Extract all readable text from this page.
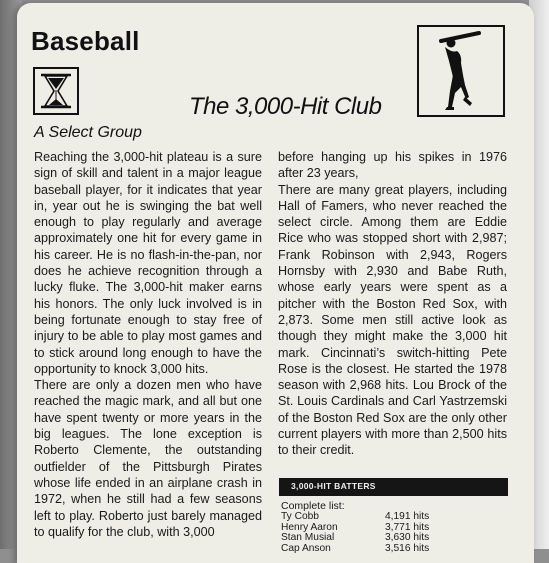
Baseball
The 3,000-Hit Club
A Select Group

Reaching the 3,000-hit plateau is a sure sign of skill and talent in a major league baseball player, for it indicates that year in, year out he is swinging the bat well enough to play regularly and average approximately one hit for every game in his career. He is no flash-in-the-pan, nor does he achieve recognition through a lucky fluke. The 3,000-hit maker earns his honors. The only luck involved is in being fortunate enough to stay free of injury to be able to play most games and to stick around long enough to have the opportunity to knock 3,000 hits.

There are only a dozen men who have reached the magic mark, and all but one have spent twenty or more years in the big leagues. The lone exception is Roberto Clemente, the outstanding outfielder of the Pittsburgh Pirates whose life ended in an airplane crash in 1972, when he still had a few seasons left to play. Roberto just barely managed to qualify for the club, with 3,000

before hanging up his spikes in 1976 after 23 years,

There are many great players, including Hall of Famers, who never reached the select circle. Among them are Eddie Rice who was stopped short with 2,987; Frank Robinson with 2,943, Rogers Hornsby with 2,930 and Babe Ruth, whose early years were spent as a pitcher with the Boston Red Sox, with 2,873. Some men still active look as though they might make the 3,000 hit mark. Cincinnati’s switch-hitting Pete Rose is the closest. He started the 1978 season with 2,968 hits. Lou Brock of the St. Louis Cardinals and Carl Yastrzemski of the Boston Red Sox are the only other current players with more than 2,500 hits to their credit.

3,000-HIT BATTERS
Complete list:
Ty Cobb	4,191 hits
Henry Aaron	3,771 hits
Stan Musial	3,630 hits
Cap Anson	3,516 hits
